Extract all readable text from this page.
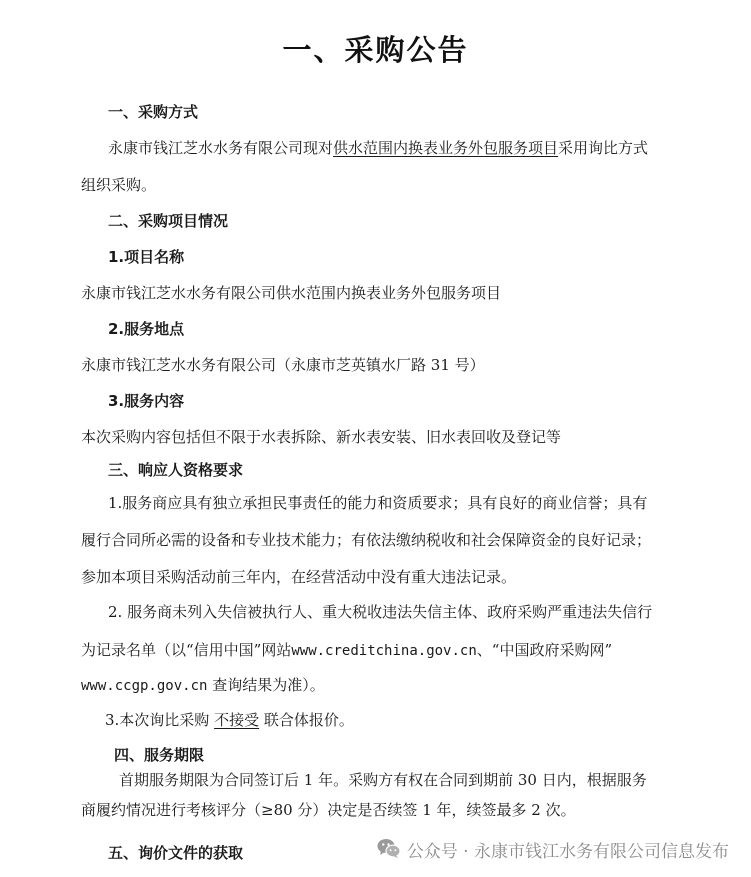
一、采购公告
一、采购方式
永康市钱江芝水水务有限公司现对供水范围内换表业务外包服务项目采用询比方式
组织采购。
二、采购项目情况
1.项目名称
永康市钱江芝水水务有限公司供水范围内换表业务外包服务项目
2.服务地点
永康市钱江芝水水务有限公司（永康市芝英镇水厂路 31 号）
3.服务内容
本次采购内容包括但不限于水表拆除、新水表安装、旧水表回收及登记等
三、响应人资格要求
1.服务商应具有独立承担民事责任的能力和资质要求；具有良好的商业信誉；具有
履行合同所必需的设备和专业技术能力；有依法缴纳税收和社会保障资金的良好记录；
参加本项目采购活动前三年内，在经营活动中没有重大违法记录。
2. 服务商未列入失信被执行人、重大税收违法失信主体、政府采购严重违法失信行
为记录名单（以“信用中国”网站www.creditchina.gov.cn、“中国政府采购网”
www.ccgp.gov.cn 查询结果为准）。
3.本次询比采购 不接受 联合体报价。
四、服务期限
首期服务期限为合同签订后 1 年。采购方有权在合同到期前 30 日内，根据服务
商履约情况进行考核评分（≥80 分）决定是否续签 1 年，续签最多 2 次。
五、询价文件的获取	公众号 · 永康市钱江水务有限公司信息发布
